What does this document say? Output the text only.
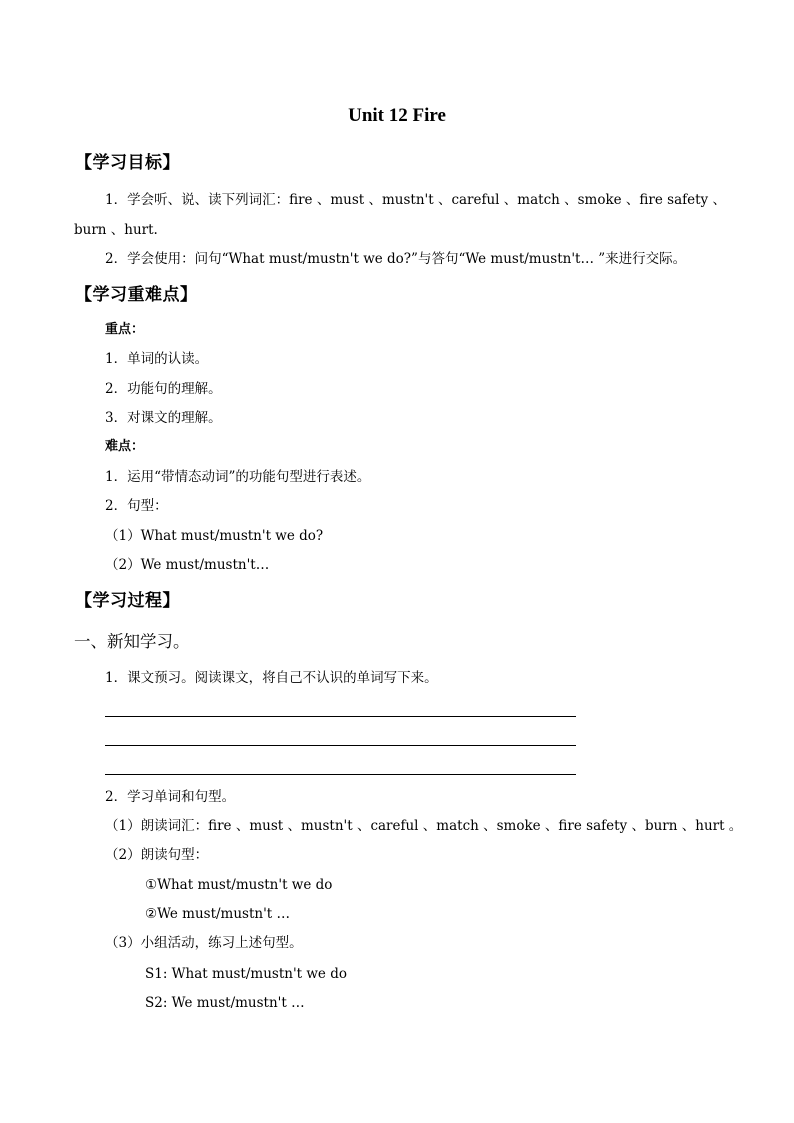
Unit 12 Fire
【学习目标】
1．学会听、说、读下列词汇：fire 、must 、mustn't 、careful 、match 、smoke 、fire safety 、
burn 、hurt.
2．学会使用：问句“What must/mustn't we do?”与答句“We must/mustn't… ”来进行交际。
【学习重难点】
重点：
1．单词的认读。
2．功能句的理解。
3．对课文的理解。
难点：
1．运用“带情态动词”的功能句型进行表述。
2．句型：
（1）What must/mustn't we do?
（2）We must/mustn't…
【学习过程】
一、新知学习。
1．课文预习。阅读课文，将自己不认识的单词写下来。
2．学习单词和句型。
（1）朗读词汇：fire 、must 、mustn't 、careful 、match 、smoke 、fire safety 、burn 、hurt 。
（2）朗读句型：
①What must/mustn't we do
②We must/mustn't …
（3）小组活动，练习上述句型。
S1: What must/mustn't we do
S2: We must/mustn't …
